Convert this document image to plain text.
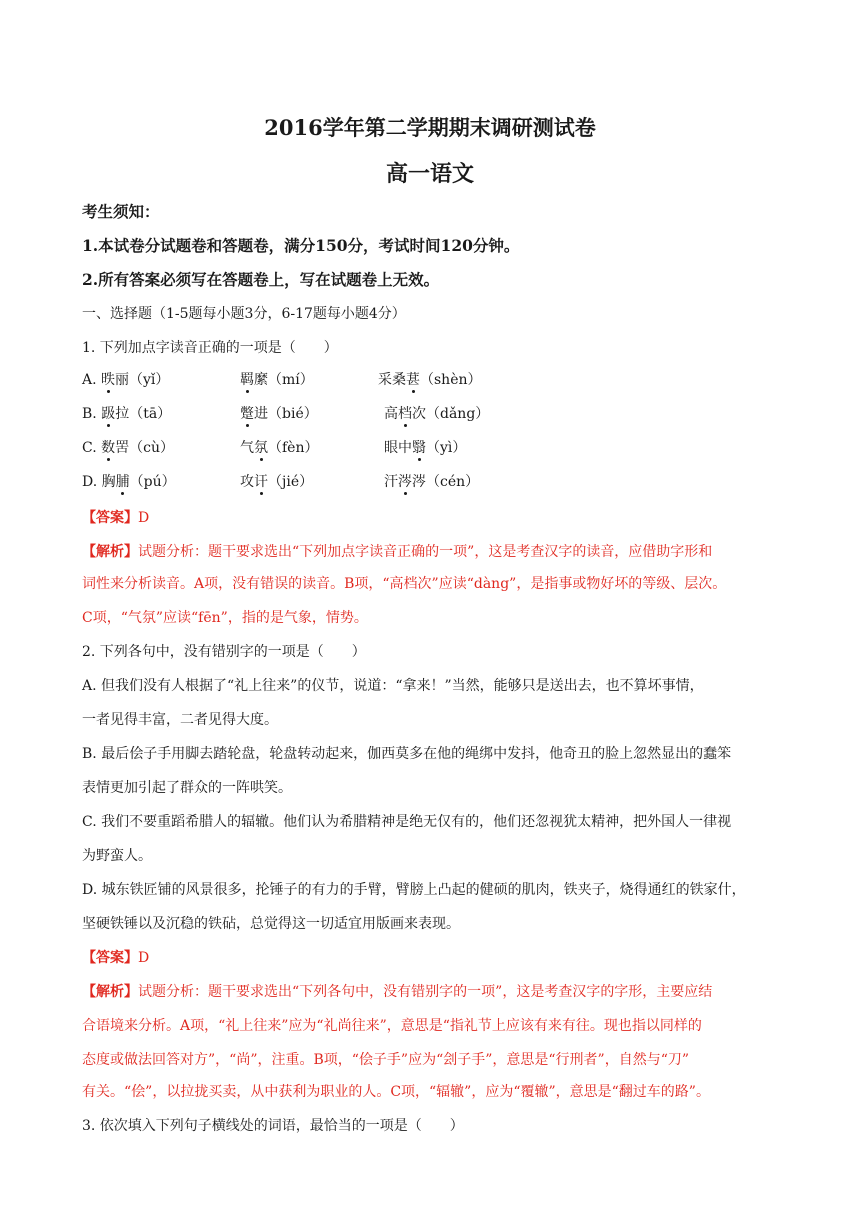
2016学年第二学期期末调研测试卷
高一语文

考生须知：

1.本试卷分试题卷和答题卷，满分150分，考试时间120分钟。

2.所有答案必须写在答题卷上，写在试题卷上无效。

一、选择题（1-5题每小题3分，6-17题每小题4分）

1. 下列加点字读音正确的一项是（　　）

A. 昳丽（yǐ）	羁縻（mí）	采桑葚（shèn）

B. 趿拉（tā）	蹩进（bié）	高档次（dǎng）

C. 数罟（cù）	气氛（fèn）	眼中翳（yì）

D. 胸脯（pú）	攻讦（jié）	汗涔涔（cén）

【答案】D

【解析】试题分析：题干要求选出“下列加点字读音正确的一项”，这是考查汉字的读音，应借助字形和

词性来分析读音。A项，没有错误的读音。B项，“高档次”应读“dàng”，是指事或物好坏的等级、层次。

C项，“气氛”应读“fēn”，指的是气象，情势。

2. 下列各句中，没有错别字的一项是（　　）

A. 但我们没有人根据了“礼上往来”的仪节，说道：“拿来！”当然，能够只是送出去，也不算坏事情，

一者见得丰富，二者见得大度。

B. 最后侩子手用脚去踏轮盘，轮盘转动起来，伽西莫多在他的绳绑中发抖，他奇丑的脸上忽然显出的蠢笨

表情更加引起了群众的一阵哄笑。

C. 我们不要重蹈希腊人的辐辙。他们认为希腊精神是绝无仅有的，他们还忽视犹太精神，把外国人一律视

为野蛮人。

D. 城东铁匠铺的风景很多，抡锤子的有力的手臂，臂膀上凸起的健硕的肌肉，铁夹子，烧得通红的铁家什，

坚硬铁锤以及沉稳的铁砧，总觉得这一切适宜用版画来表现。

【答案】D

【解析】试题分析：题干要求选出“下列各句中，没有错别字的一项”，这是考查汉字的字形，主要应结

合语境来分析。A项，“礼上往来”应为“礼尚往来”，意思是“指礼节上应该有来有往。现也指以同样的

态度或做法回答对方”，“尚”，注重。B项，“侩子手”应为“刽子手”，意思是“行刑者”，自然与“刀”

有关。“侩”，以拉拢买卖，从中获利为职业的人。C项，“辐辙”，应为“覆辙”，意思是“翻过车的路”。

3. 依次填入下列句子横线处的词语，最恰当的一项是（　　）
